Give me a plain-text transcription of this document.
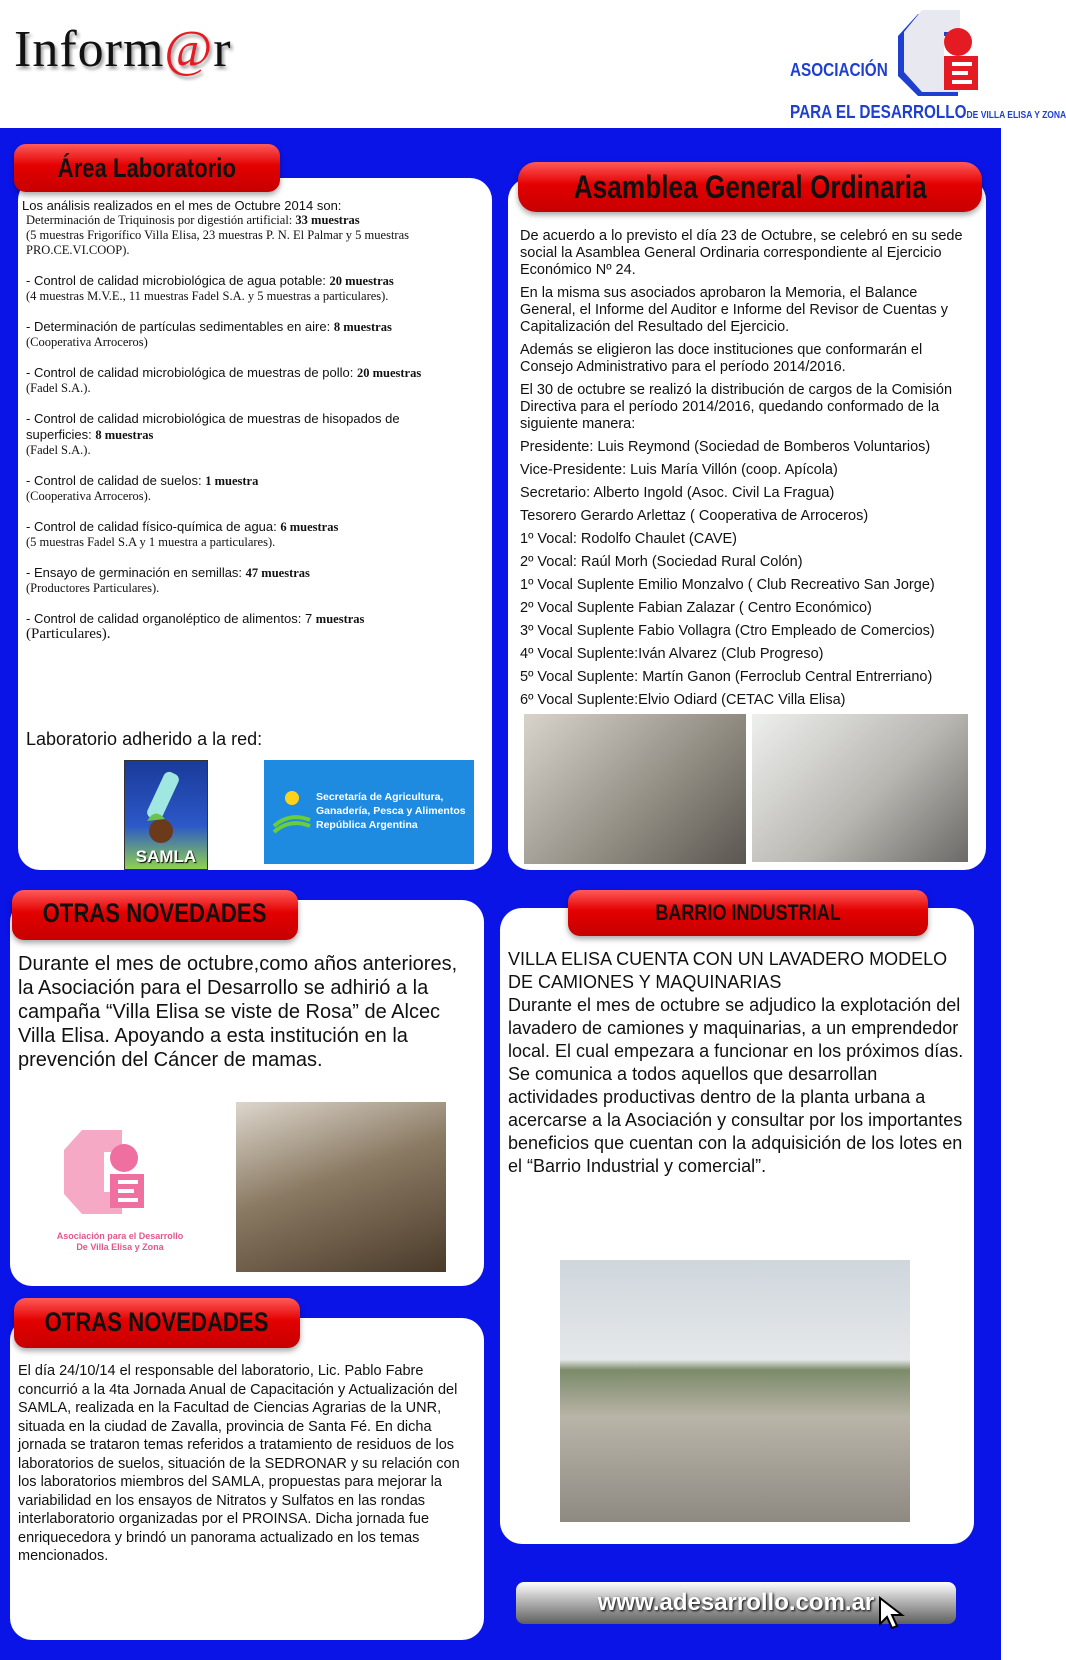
Inform@r	ASOCIACIÓN
PARA EL DESARROLLODE VILLA ELISA Y ZONA
Área Laboratorio
Los análisis realizados en el mes de Octubre 2014 son:

Determinación de Triquinosis por digestión artificial: 33 muestras
(5 muestras Frigorífico Villa Elisa, 23 muestras P. N. El Palmar y 5 muestras PRO.CE.VI.COOP).

- Control de calidad microbiológica de agua potable: 20 muestras
(4 muestras M.V.E., 11 muestras Fadel S.A. y 5 muestras a particulares).

- Determinación de partículas sedimentables en aire: 8 muestras
(Cooperativa Arroceros)

- Control de calidad microbiológica de muestras de pollo: 20 muestras
(Fadel S.A.).

- Control de calidad microbiológica de muestras de hisopados de superficies: 8 muestras
(Fadel S.A.).

- Control de calidad de suelos: 1 muestra
(Cooperativa Arroceros).

- Control de calidad físico-química de agua: 6 muestras
(5 muestras Fadel S.A y 1 muestra a particulares).

- Ensayo de germinación en semillas: 47 muestras
(Productores Particulares).

- Control de calidad organoléptico de alimentos: 7 muestras
(Particulares).

Laboratorio adherido a la red:
SAMLA
Secretaría de Agricultura,
Ganadería, Pesca y Alimentos
República Argentina
Asamblea General Ordinaria

De acuerdo a lo previsto el día 23 de Octubre, se celebró en su sede social la Asamblea General Ordinaria correspondiente al Ejercicio Económico Nº 24.

En la misma sus asociados aprobaron la Memoria, el Balance General, el Informe del Auditor e Informe del Revisor de Cuentas y Capitalización del Resultado del Ejercicio.

Además se eligieron las doce instituciones que conformarán el Consejo Administrativo para el período 2014/2016.

El 30 de octubre se realizó la distribución de cargos de la Comisión Directiva para el período 2014/2016, quedando conformado de la siguiente manera:

Presidente: Luis Reymond (Sociedad de Bomberos Voluntarios)
Vice-Presidente: Luis María Villón (coop. Apícola)
Secretario: Alberto Ingold (Asoc. Civil La Fragua)
Tesorero Gerardo Arlettaz ( Cooperativa de Arroceros)
1º Vocal: Rodolfo Chaulet (CAVE)
2º Vocal: Raúl Morh (Sociedad Rural Colón)
1º Vocal Suplente Emilio Monzalvo ( Club Recreativo San Jorge)
2º Vocal Suplente Fabian Zalazar ( Centro Económico)
3º Vocal Suplente Fabio Vollagra (Ctro Empleado de Comercios)
4º Vocal Suplente:Iván Alvarez (Club Progreso)
5º Vocal Suplente: Martín Ganon (Ferroclub Central Entrerriano)
6º Vocal Suplente:Elvio Odiard (CETAC Villa Elisa)
OTRAS NOVEDADES
Durante el mes de octubre,como años anteriores, la Asociación para el Desarrollo se adhirió a la campaña “Villa Elisa se viste de Rosa” de Alcec Villa Elisa. Apoyando a esta institución en la prevención del Cáncer de mamas.
Asociación para el Desarrollo
De Villa Elisa y Zona
BARRIO INDUSTRIAL
VILLA ELISA CUENTA CON UN LAVADERO MODELO DE CAMIONES Y MAQUINARIAS
Durante el mes de octubre se adjudico la explotación del lavadero de camiones y maquinarias, a un emprendedor local. El cual empezara a funcionar en los próximos días.
Se comunica a todos aquellos que desarrollan actividades productivas dentro de la planta urbana a acercarse a la Asociación y consultar por los importantes beneficios que cuentan con la adquisición de los lotes en el “Barrio Industrial y comercial”.
OTRAS NOVEDADES
El día 24/10/14 el responsable del laboratorio, Lic. Pablo Fabre concurrió a la 4ta Jornada Anual de Capacitación y Actualización del SAMLA, realizada en la Facultad de Ciencias Agrarias de la UNR, situada en la ciudad de Zavalla, provincia de Santa Fé. En dicha jornada se trataron temas referidos a tratamiento de residuos de los laboratorios de suelos, situación de la SEDRONAR y su relación con los laboratorios miembros del SAMLA, propuestas para mejorar la variabilidad en los ensayos de Nitratos y Sulfatos en las rondas interlaboratorio organizadas por el PROINSA. Dicha jornada fue enriquecedora y brindó un panorama actualizado en los temas mencionados.
www.adesarrollo.com.ar
